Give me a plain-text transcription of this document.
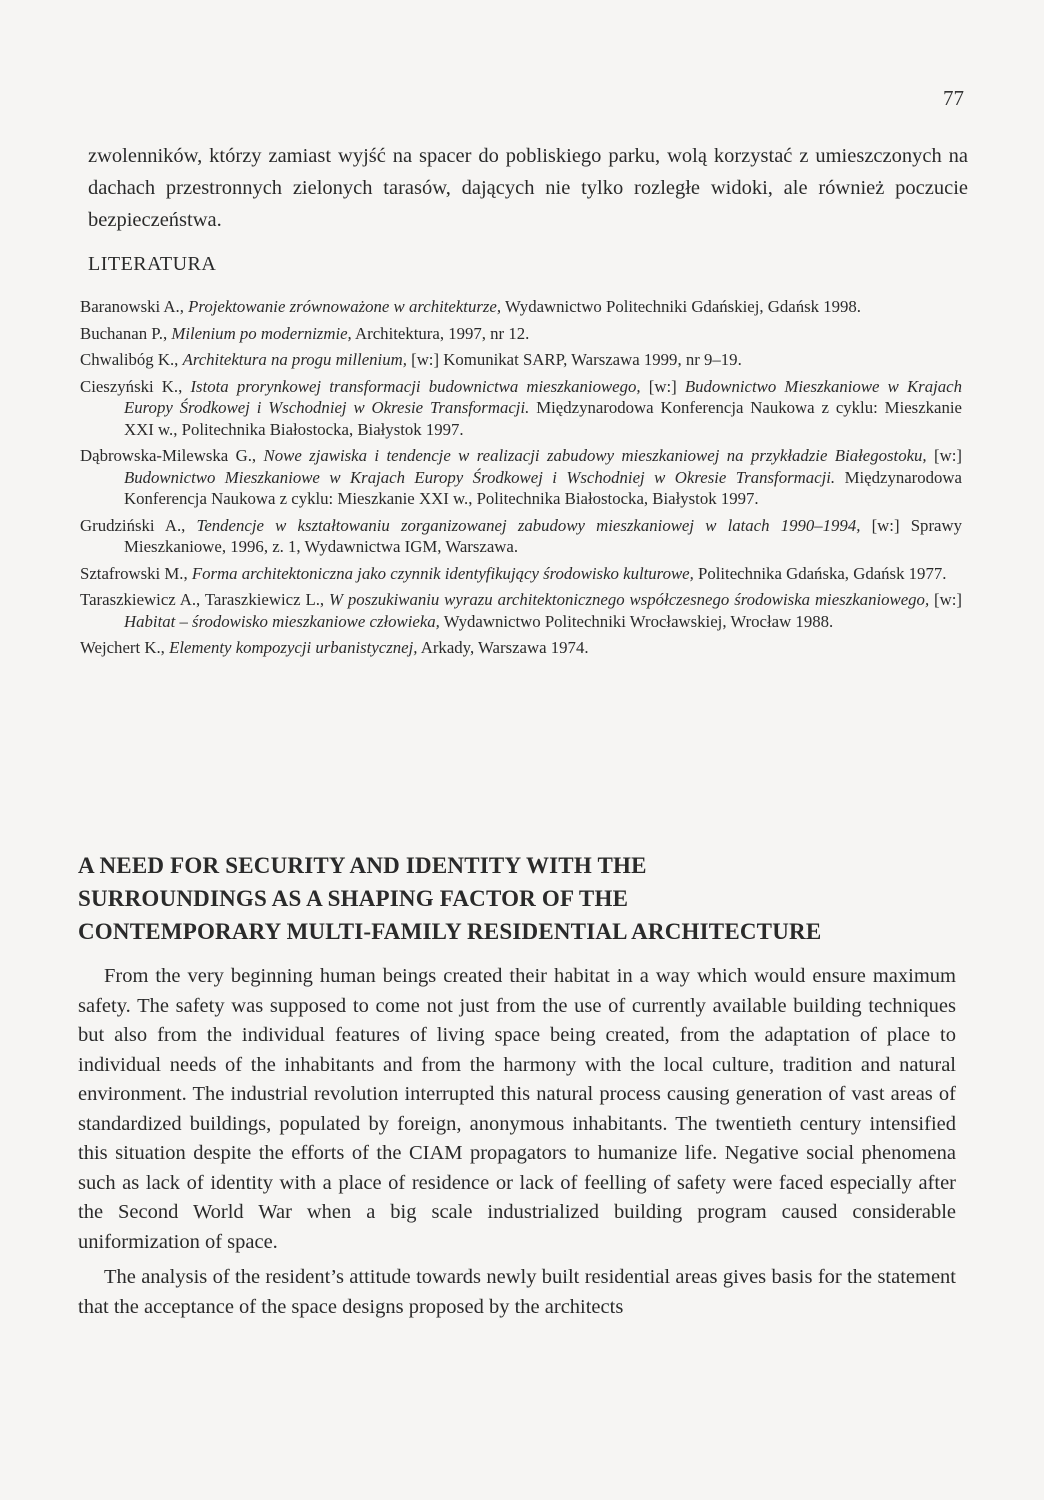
77

zwolenników, którzy zamiast wyjść na spacer do pobliskiego parku, wolą korzystać z umieszczonych na dachach przestronnych zielonych tarasów, dających nie tylko rozległe widoki, ale również poczucie bezpieczeństwa.

LITERATURA
Baranowski A., Projektowanie zrównoważone w architekturze, Wydawnictwo Politechniki Gdańskiej, Gdańsk 1998.
Buchanan P., Milenium po modernizmie, Architektura, 1997, nr 12.
Chwalibóg K., Architektura na progu millenium, [w:] Komunikat SARP, Warszawa 1999, nr 9–19.
Cieszyński K., Istota prorynkowej transformacji budownictwa mieszkaniowego, [w:] Budownictwo Mieszkaniowe w Krajach Europy Środkowej i Wschodniej w Okresie Transformacji. Międzynarodowa Konferencja Naukowa z cyklu: Mieszkanie XXI w., Politechnika Białostocka, Białystok 1997.
Dąbrowska-Milewska G., Nowe zjawiska i tendencje w realizacji zabudowy mieszkaniowej na przykładzie Białegostoku, [w:] Budownictwo Mieszkaniowe w Krajach Europy Środkowej i Wschodniej w Okresie Transformacji. Międzynarodowa Konferencja Naukowa z cyklu: Mieszkanie XXI w., Politechnika Białostocka, Białystok 1997.
Grudziński A., Tendencje w kształtowaniu zorganizowanej zabudowy mieszkaniowej w latach 1990–1994, [w:] Sprawy Mieszkaniowe, 1996, z. 1, Wydawnictwa IGM, Warszawa.
Sztafrowski M., Forma architektoniczna jako czynnik identyfikujący środowisko kulturowe, Politechnika Gdańska, Gdańsk 1977.
Taraszkiewicz A., Taraszkiewicz L., W poszukiwaniu wyrazu architektonicznego współczesnego środowiska mieszkaniowego, [w:] Habitat – środowisko mieszkaniowe człowieka, Wydawnictwo Politechniki Wrocławskiej, Wrocław 1988.
Wejchert K., Elementy kompozycji urbanistycznej, Arkady, Warszawa 1974.
A NEED FOR SECURITY AND IDENTITY WITH THE
SURROUNDINGS AS A SHAPING FACTOR OF THE
CONTEMPORARY MULTI-FAMILY RESIDENTIAL ARCHITECTURE

From the very beginning human beings created their habitat in a way which would ensure maximum safety. The safety was supposed to come not just from the use of currently available building techniques but also from the individual features of living space being created, from the adaptation of place to individual needs of the inhabitants and from the harmony with the local culture, tradition and natural environment. The industrial revolution interrupted this natural process causing generation of vast areas of standardized buildings, populated by foreign, anonymous inhabitants. The twentieth century intensified this situation despite the efforts of the CIAM propagators to humanize life. Negative social phenomena such as lack of identity with a place of residence or lack of feelling of safety were faced especially after the Second World War when a big scale industrialized building program caused considerable uniformization of space.

The analysis of the resident’s attitude towards newly built residential areas gives basis for the statement that the acceptance of the space designs proposed by the architects
